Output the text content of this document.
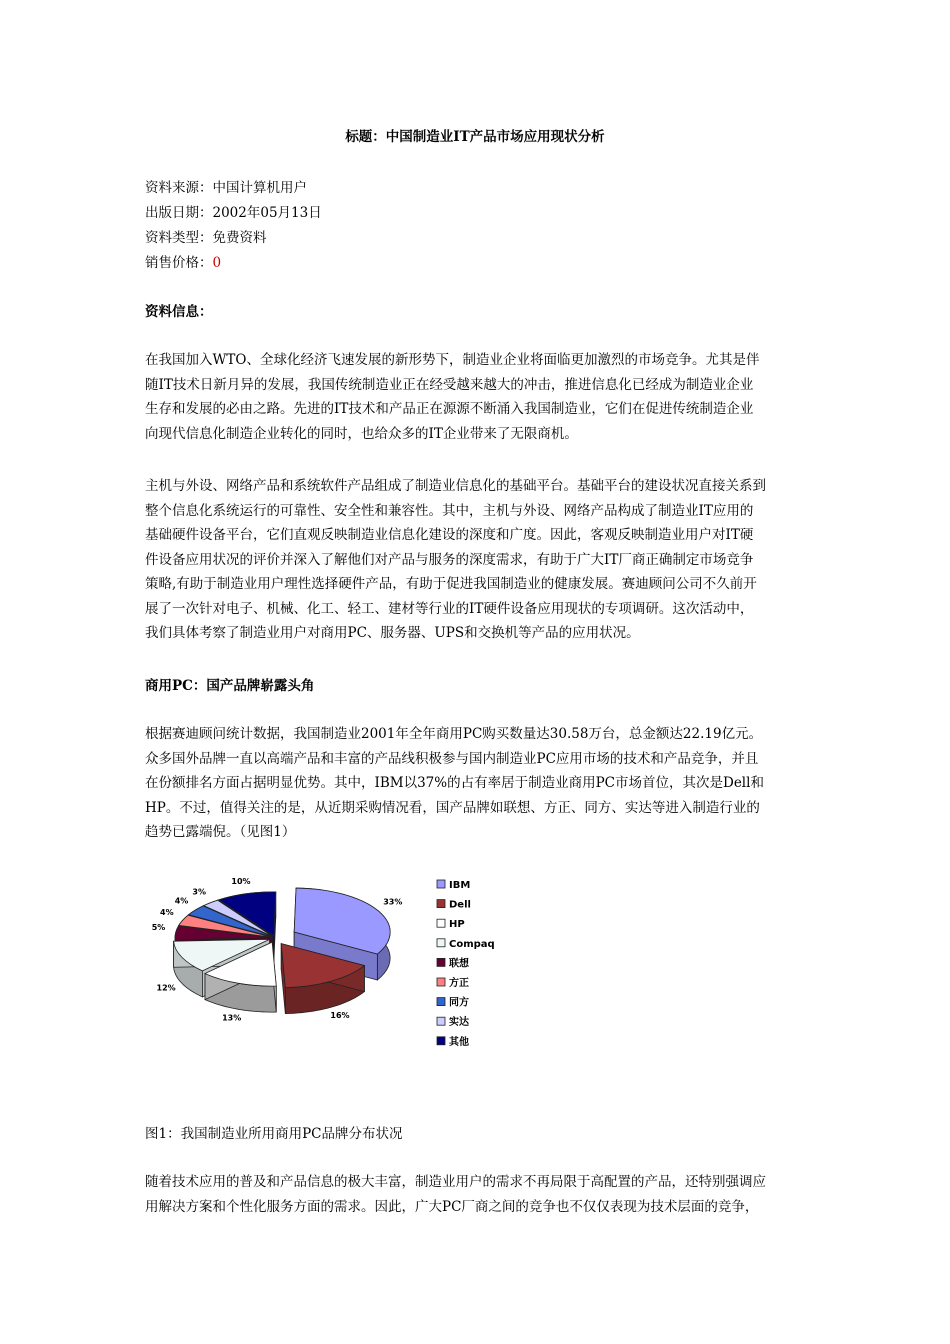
标题：中国制造业IT产品市场应用现状分析
资料来源：中国计算机用户
出版日期：2002年05月13日
资料类型：免费资料
销售价格：0
资料信息：
在我国加入WTO、全球化经济飞速发展的新形势下，制造业企业将面临更加激烈的市场竞争。尤其是伴
随IT技术日新月异的发展，我国传统制造业正在经受越来越大的冲击，推进信息化已经成为制造业企业
生存和发展的必由之路。先进的IT技术和产品正在源源不断涌入我国制造业，它们在促进传统制造企业
向现代信息化制造企业转化的同时，也给众多的IT企业带来了无限商机。
主机与外设、网络产品和系统软件产品组成了制造业信息化的基础平台。基础平台的建设状况直接关系到
整个信息化系统运行的可靠性、安全性和兼容性。其中，主机与外设、网络产品构成了制造业IT应用的
基础硬件设备平台，它们直观反映制造业信息化建设的深度和广度。因此，客观反映制造业用户对IT硬
件设备应用状况的评价并深入了解他们对产品与服务的深度需求，有助于广大IT厂商正确制定市场竞争
策略,有助于制造业用户理性选择硬件产品，有助于促进我国制造业的健康发展。赛迪顾问公司不久前开
展了一次针对电子、机械、化工、轻工、建材等行业的IT硬件设备应用现状的专项调研。这次活动中，
我们具体考察了制造业用户对商用PC、服务器、UPS和交换机等产品的应用状况。
商用PC：国产品牌崭露头角
根据赛迪顾问统计数据，我国制造业2001年全年商用PC购买数量达30.58万台，总金额达22.19亿元。
众多国外品牌一直以高端产品和丰富的产品线积极参与国内制造业PC应用市场的技术和产品竞争，并且
在份额排名方面占据明显优势。其中，IBM以37%的占有率居于制造业商用PC市场首位，其次是Dell和
HP。不过，值得关注的是，从近期采购情况看，国产品牌如联想、方正、同方、实达等进入制造行业的
趋势已露端倪。（见图1）
33%
16%
13%
12%
5%
4%
4%
3%
10%	IBM
Dell
HP
Compaq
联想
方正
同方
实达
其他
图1：我国制造业所用商用PC品牌分布状况
随着技术应用的普及和产品信息的极大丰富，制造业用户的需求不再局限于高配置的产品，还特别强调应
用解决方案和个性化服务方面的需求。因此，广大PC厂商之间的竞争也不仅仅表现为技术层面的竞争，
